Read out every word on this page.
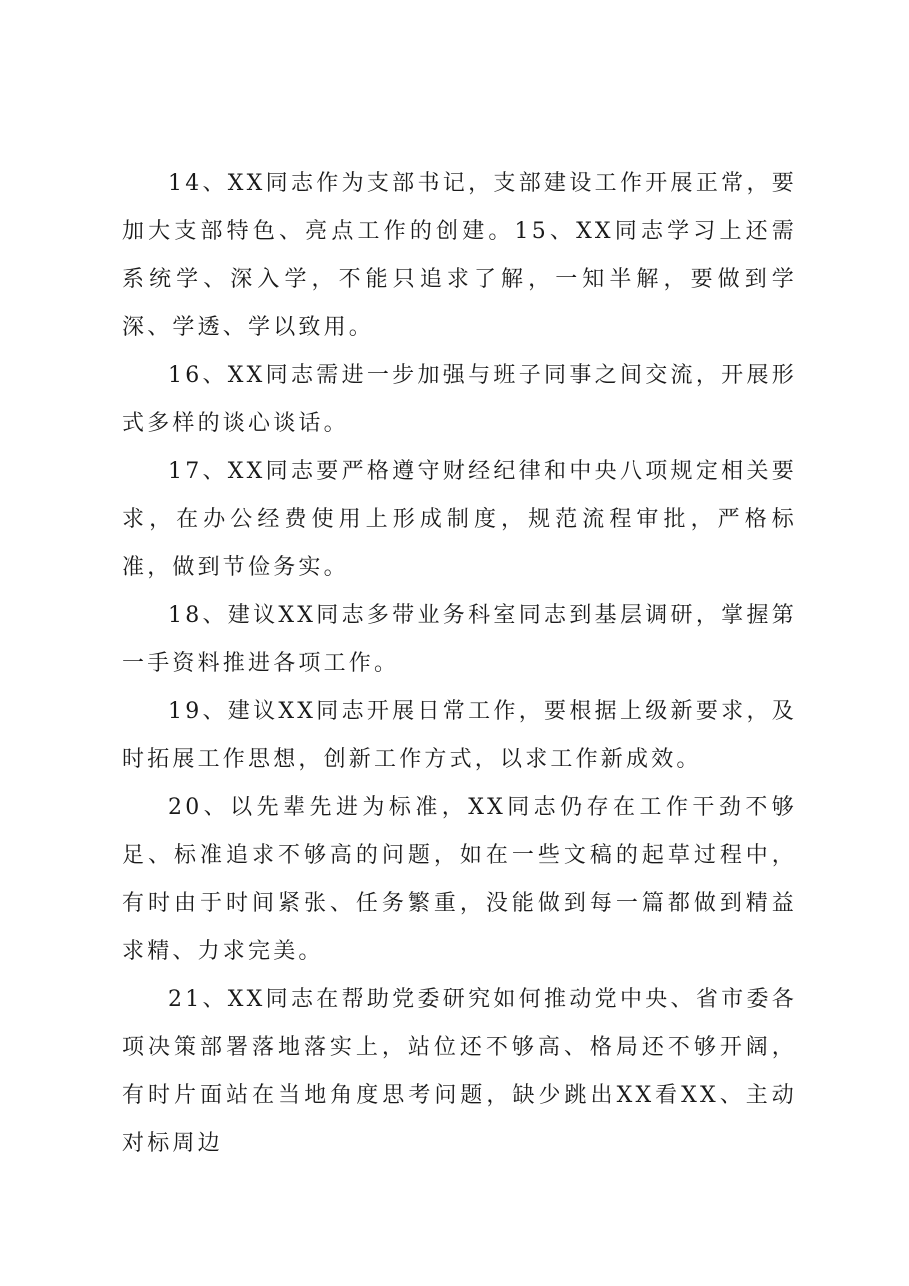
14、XX同志作为支部书记，支部建设工作开展正常，要加大支部特色、亮点工作的创建。15、XX同志学习上还需系统学、深入学，不能只追求了解，一知半解，要做到学深、学透、学以致用。

16、XX同志需进一步加强与班子同事之间交流，开展形式多样的谈心谈话。

17、XX同志要严格遵守财经纪律和中央八项规定相关要求，在办公经费使用上形成制度，规范流程审批，严格标准，做到节俭务实。

18、建议XX同志多带业务科室同志到基层调研，掌握第一手资料推进各项工作。

19、建议XX同志开展日常工作，要根据上级新要求，及时拓展工作思想，创新工作方式，以求工作新成效。

20、以先辈先进为标准，XX同志仍存在工作干劲不够足、标准追求不够高的问题，如在一些文稿的起草过程中，有时由于时间紧张、任务繁重，没能做到每一篇都做到精益求精、力求完美。

21、XX同志在帮助党委研究如何推动党中央、省市委各项决策部署落地落实上，站位还不够高、格局还不够开阔，有时片面站在当地角度思考问题，缺少跳出XX看XX、主动对标周边
